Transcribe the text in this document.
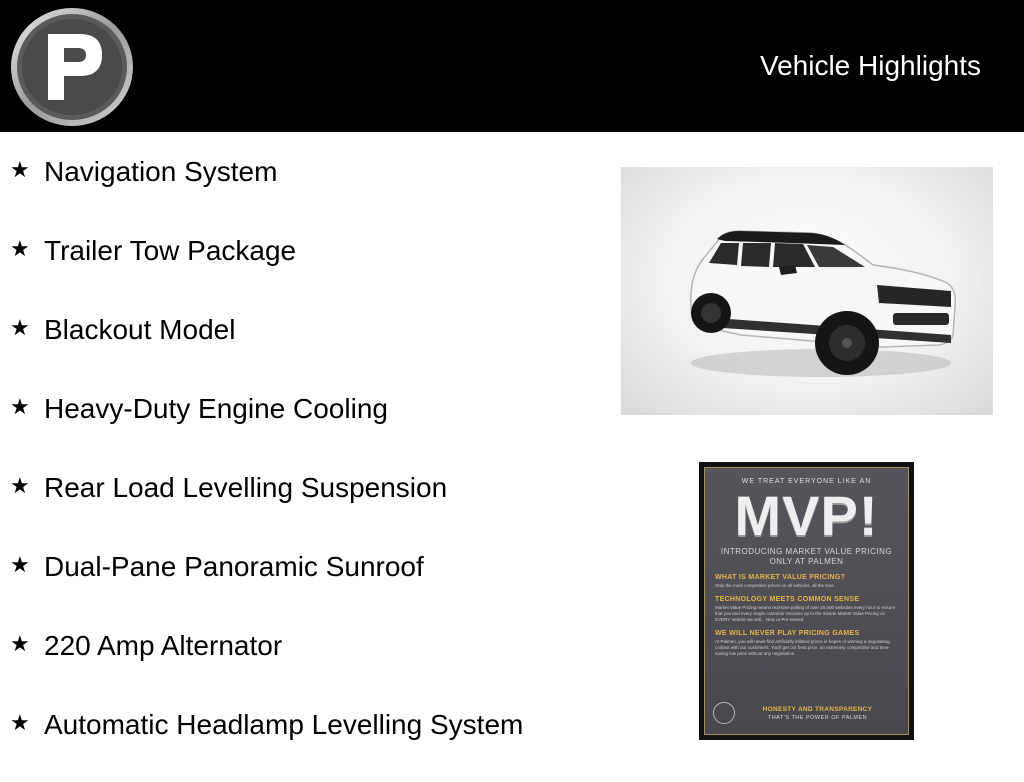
Vehicle Highlights
★ Navigation System
★ Trailer Tow Package
★ Blackout Model
★ Heavy-Duty Engine Cooling
★ Rear Load Levelling Suspension
★ Dual-Pane Panoramic Sunroof
★ 220 Amp Alternator
★ Automatic Headlamp Levelling System
WE TREAT EVERYONE LIKE AN
MVP!
INTRODUCING MARKET VALUE PRICING ONLY AT PALMEN
WHAT IS MARKET VALUE PRICING?
Only the most competitive prices on all vehicles, all the time.
TECHNOLOGY MEETS COMMON SENSE
Market Value Pricing means real-time polling of over 20,000 websites every hour to ensure that you and every single customer receives up to the minute Market Value Pricing on EVERY Vehicle we sell... New or Pre-owned.
WE WILL NEVER PLAY PRICING GAMES
At Palmen, you will never find artificially inflated prices in hopes of winning a negotiating contest with our customers. You'll get our best price, an extremely competitive and time-saving low price without any negotiation.
HONESTY AND TRANSPARENCY
THAT'S THE POWER OF PALMEN
